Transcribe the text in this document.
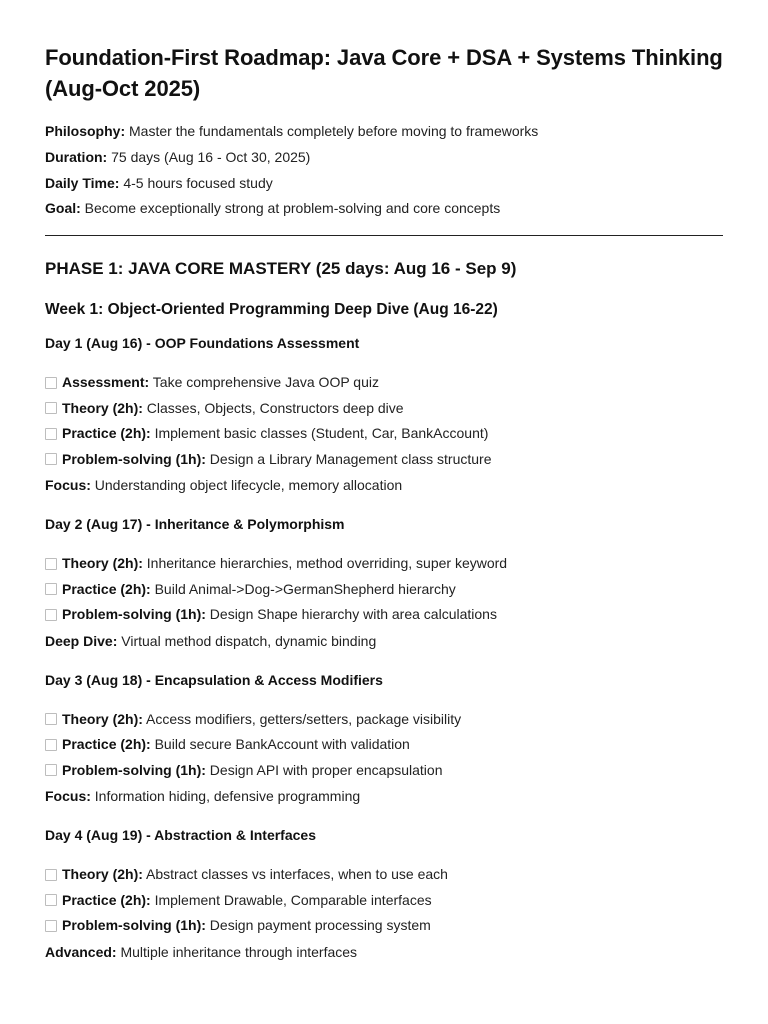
Foundation-First Roadmap: Java Core + DSA + Systems Thinking (Aug-Oct 2025)
Philosophy: Master the fundamentals completely before moving to frameworks
Duration: 75 days (Aug 16 - Oct 30, 2025)
Daily Time: 4-5 hours focused study
Goal: Become exceptionally strong at problem-solving and core concepts
PHASE 1: JAVA CORE MASTERY (25 days: Aug 16 - Sep 9)
Week 1: Object-Oriented Programming Deep Dive (Aug 16-22)
Day 1 (Aug 16) - OOP Foundations Assessment
Assessment: Take comprehensive Java OOP quiz
Theory (2h): Classes, Objects, Constructors deep dive
Practice (2h): Implement basic classes (Student, Car, BankAccount)
Problem-solving (1h): Design a Library Management class structure
Focus: Understanding object lifecycle, memory allocation
Day 2 (Aug 17) - Inheritance & Polymorphism
Theory (2h): Inheritance hierarchies, method overriding, super keyword
Practice (2h): Build Animal->Dog->GermanShepherd hierarchy
Problem-solving (1h): Design Shape hierarchy with area calculations
Deep Dive: Virtual method dispatch, dynamic binding
Day 3 (Aug 18) - Encapsulation & Access Modifiers
Theory (2h): Access modifiers, getters/setters, package visibility
Practice (2h): Build secure BankAccount with validation
Problem-solving (1h): Design API with proper encapsulation
Focus: Information hiding, defensive programming
Day 4 (Aug 19) - Abstraction & Interfaces
Theory (2h): Abstract classes vs interfaces, when to use each
Practice (2h): Implement Drawable, Comparable interfaces
Problem-solving (1h): Design payment processing system
Advanced: Multiple inheritance through interfaces
